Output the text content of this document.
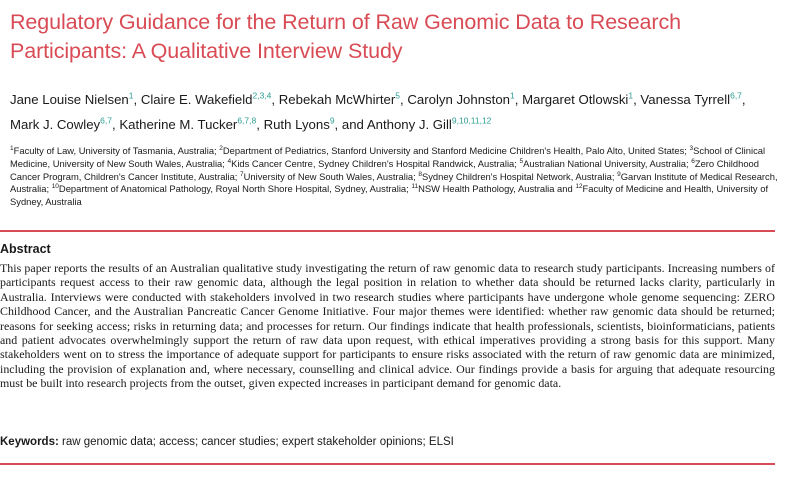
Regulatory Guidance for the Return of Raw Genomic Data to Research Participants: A Qualitative Interview Study
Jane Louise Nielsen$^1$, Claire E. Wakefield$^{2,3,4}$, Rebekah McWhirter$^5$, Carolyn Johnston$^1$, Margaret Otlowski$^1$, Vanessa Tyrrell$^{6,7}$, Mark J. Cowley$^{6,7}$, Katherine M. Tucker$^{6,7,8}$, Ruth Lyons$^9$, and Anthony J. Gill$^{9,10,11,12}$
$^1$Faculty of Law, University of Tasmania, Australia; $^2$Department of Pediatrics, Stanford University and Stanford Medicine Children's Health, Palo Alto, United States; $^3$School of Clinical Medicine, University of New South Wales, Australia; $^4$Kids Cancer Centre, Sydney Children's Hospital Randwick, Australia; $^5$Australian National University, Australia; $^6$Zero Childhood Cancer Program, Children's Cancer Institute, Australia; $^7$University of New South Wales, Australia; $^8$Sydney Children's Hospital Network, Australia; $^9$Garvan Institute of Medical Research, Australia; $^{10}$Department of Anatomical Pathology, Royal North Shore Hospital, Sydney, Australia; $^{11}$NSW Health Pathology, Australia and $^{12}$Faculty of Medicine and Health, University of Sydney, Australia
Abstract

This paper reports the results of an Australian qualitative study investigating the return of raw genomic data to research study participants. Increasing numbers of participants request access to their raw genomic data, although the legal position in relation to whether data should be returned lacks clarity, particularly in Australia. Interviews were conducted with stakeholders involved in two research studies where participants have undergone whole genome sequencing: ZERO Childhood Cancer, and the Australian Pancreatic Cancer Genome Initiative. Four major themes were identified: whether raw genomic data should be returned; reasons for seeking access; risks in returning data; and processes for return. Our findings indicate that health professionals, scientists, bioinformaticians, patients and patient advocates overwhelmingly support the return of raw data upon request, with ethical imperatives providing a strong basis for this support. Many stakeholders went on to stress the importance of adequate support for participants to ensure risks associated with the return of raw genomic data are minimized, including the provision of explanation and, where necessary, counselling and clinical advice. Our findings provide a basis for arguing that adequate resourcing must be built into research projects from the outset, given expected increases in participant demand for genomic data.

Keywords: raw genomic data; access; cancer studies; expert stakeholder opinions; ELSI
